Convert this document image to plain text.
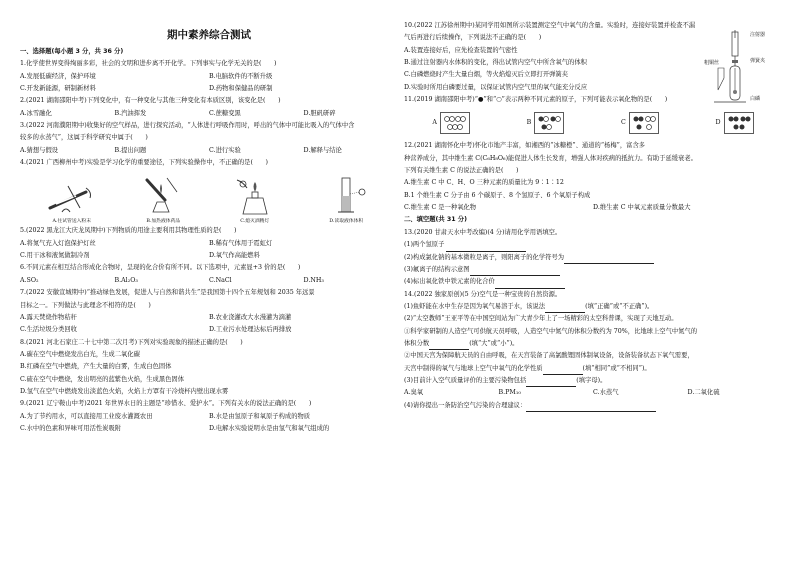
期中素养综合测试
一、选择题(每小题 3 分，共 36 分)
1.化学使世界变得绚丽多彩，社会的文明和进步离不开化学。下列事实与化学无关的是(　　)
A.发展低碳经济，保护环境	B.电脑软件的不断升级
C.开发新能源，研制新材料	D.药物和保健品的研制
2.(2021 湖南邵阳中考)下列变化中，有一种变化与其他三种变化有本质区别，该变化是(　　)
A.冰雪融化	B.汽油挥发	C.蔗糖变黑	D.胆矾研碎
3.(2022 河南濮阳期中)收集好的空气样品，进行探究活动，“人体进行呼吸作用时，呼出的气体中可能比吸入的气体中含
较多的水蒸气”，这属于科学研究中属于(　　)
A.猜想与假设	B.提出问题	C.进行实验	D.解释与结论
4.(2021 广西柳州中考)实验是学习化学的重要途径，下列实验操作中，不正确的是(　　)
A.往试管送入粉末	B.加热液体药品	C.熄灭酒精灯	D.读取液体体积
5.(2022 黑龙江大庆龙凤期中)下列物质的用途主要利用其物理性质的是(　　)
A.将氮气充入灯泡保护灯丝	B.稀有气体用于霓虹灯
C.用干冰和液氮做制冷剂	D.氧气作高能燃料
6.不同元素在相互结合形成化合物时，呈现的化合价有所不同。以下选项中，元素显+3 价的是(　　)
A.SO₂	B.Al₂O₃	C.NaCl	D.NH₃
7.(2022 安徽宣城期中)“推动绿色发展，促进人与自然和谐共生”是我国第十四个五年规划和 2035 年远景
目标之一。下列做法与此理念不相符的是(　　)
A.露天焚烧作物秸秆	B.农业浇灌改大水漫灌为滴灌
C.生活垃圾分类回收	D.工业污水处理达标后再排放
8.(2021 河北石家庄二十七中第二次月考)下列对实验现象的描述正确的是(　　)
A.碳在空气中燃烧发出白光，生成二氧化碳
B.红磷在空气中燃烧，产生大量的白雾，生成白色固体
C.硫在空气中燃烧，发出明亮的蓝紫色火焰，生成黑色固体
D.氢气在空气中燃烧发出淡蓝色火焰，火焰上方罩有干冷烧杯内壁出现水雾
9.(2021 辽宁鞍山中考)2021 年世界水日的主题是“珍惜水、爱护水”。下列有关水的说法正确的是(　　)
A.为了节约用水，可以直接用工业废水灌溉农田	B.水是由氢原子和氧原子构成的物质
C.水中的色素和异味可用活性炭吸附	D.电解水实验说明水是由氢气和氧气组成的
10.(2022 江苏徐州期中)某同学用如图所示装置测定空气中氧气的含量。实验时，连接好装置并检查不漏
气后再进行后续操作，下列说法不正确的是(　　)
A.装置连接好后，应先检查装置的气密性
B.通过注射器内水体积的变化，得出试管内空气中所含氧气的体积
C.白磷燃烧时产生大量白烟，等火焰熄灭后立即打开弹簧夹
D.实验时所用白磷要过量，以保证试管内空气里的氧气能充分反应
注射器
粗铜丝	弹簧夹
白磷
11.(2019 湖南邵阳中考)“●”和“○”表示两种不同元素的原子，下列可能表示氧化物的是(　　)
A	B	C	D
12.(2021 湖南怀化中考)怀化市地产丰富，如湘西的“冰糖橙”、通道的“杨梅”，富含多
种营养成分，其中维生素 C(C₆H₈O₆)能促进人体生长发育，增强人体对疾病的抵抗力。有助于延缓衰老。
下列有关维生素 C 的说法正确的是(　　)
A.维生素 C 中 C、H、O 三种元素的质量比为 9∶1∶12
B.1 个维生素 C 分子由 6 个碳原子、8 个氢原子、6 个氧原子构成
C.维生素 C 是一种氧化物	D.维生素 C 中氧元素质量分数最大
二、填空题(共 31 分)
13.(2020 甘肃天水中考改编)(4 分)请用化学用语填空。
(1)两个氢原子
(2)构成氯化钠的基本微粒是离子，则阳离子的化学符号为
(3)氟离子的结构示意图
(4)标出氧化铁中铁元素的化合价
14.(2022 独家原创)(5 分)空气是一种宝贵的自然资源。
(1)鱼虾能在水中生存是因为氧气易溶于水，该说法	(填“正确”或“不正确”)。
(2)“太空教师”王亚平等在中国空间站为广大青少年上了一场精彩的太空科普课，实现了天地互动。
①科学家研制的人造空气可供航天员呼吸，人造空气中氮气的体积分数约为 70%，比地球上空气中氮气的
体积分数	(填“大”或“小”)。
②中国天宫为保障航天员的自由呼吸，在天宫装备了高氯酸锂固体制氧设备，设备装备状态下氧气需要，
天宫中制得的氧气与地球上空气中氧气的化学性质	(填“相同”或“不相同”)。
(3)目前计入空气质量评价的主要污染物包括	(填字母)。
A.臭氧	B.PM₁₀	C.水蒸气	D.二氧化硫
(4)请你提出一条防治空气污染的合理建议：
